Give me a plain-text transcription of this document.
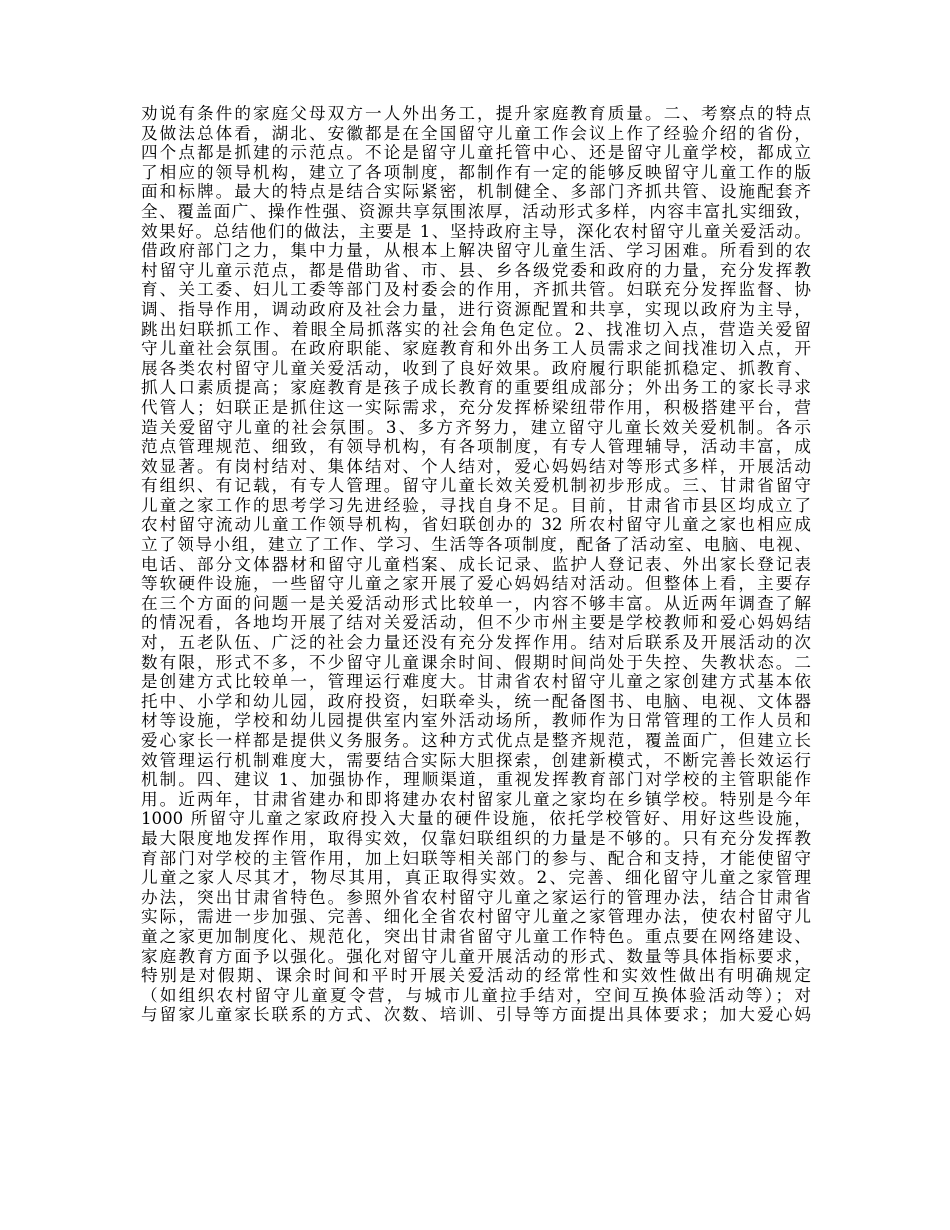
劝说有条件的家庭父母双方一人外出务工，提升家庭教育质量。二、考察点的特点
及做法总体看，湖北、安徽都是在全国留守儿童工作会议上作了经验介绍的省份，
四个点都是抓建的示范点。不论是留守儿童托管中心、还是留守儿童学校，都成立
了相应的领导机构，建立了各项制度，都制作有一定的能够反映留守儿童工作的版
面和标牌。最大的特点是结合实际紧密，机制健全、多部门齐抓共管、设施配套齐
全、覆盖面广、操作性强、资源共享氛围浓厚，活动形式多样，内容丰富扎实细致，
效果好。总结他们的做法，主要是 1、坚持政府主导，深化农村留守儿童关爱活动。
借政府部门之力，集中力量，从根本上解决留守儿童生活、学习困难。所看到的农
村留守儿童示范点，都是借助省、市、县、乡各级党委和政府的力量，充分发挥教
育、关工委、妇儿工委等部门及村委会的作用，齐抓共管。妇联充分发挥监督、协
调、指导作用，调动政府及社会力量，进行资源配置和共享，实现以政府为主导，
跳出妇联抓工作、着眼全局抓落实的社会角色定位。2、找准切入点，营造关爱留
守儿童社会氛围。在政府职能、家庭教育和外出务工人员需求之间找准切入点，开
展各类农村留守儿童关爱活动，收到了良好效果。政府履行职能抓稳定、抓教育、
抓人口素质提高；家庭教育是孩子成长教育的重要组成部分；外出务工的家长寻求
代管人；妇联正是抓住这一实际需求，充分发挥桥梁纽带作用，积极搭建平台，营
造关爱留守儿童的社会氛围。3、多方齐努力，建立留守儿童长效关爱机制。各示
范点管理规范、细致，有领导机构，有各项制度，有专人管理辅导，活动丰富，成
效显著。有岗村结对、集体结对、个人结对，爱心妈妈结对等形式多样，开展活动
有组织、有记载，有专人管理。留守儿童长效关爱机制初步形成。三、甘肃省留守
儿童之家工作的思考学习先进经验，寻找自身不足。目前，甘肃省市县区均成立了
农村留守流动儿童工作领导机构，省妇联创办的 32 所农村留守儿童之家也相应成
立了领导小组，建立了工作、学习、生活等各项制度，配备了活动室、电脑、电视、
电话、部分文体器材和留守儿童档案、成长记录、监护人登记表、外出家长登记表
等软硬件设施，一些留守儿童之家开展了爱心妈妈结对活动。但整体上看，主要存
在三个方面的问题一是关爱活动形式比较单一，内容不够丰富。从近两年调查了解
的情况看，各地均开展了结对关爱活动，但不少市州主要是学校教师和爱心妈妈结
对，五老队伍、广泛的社会力量还没有充分发挥作用。结对后联系及开展活动的次
数有限，形式不多，不少留守儿童课余时间、假期时间尚处于失控、失教状态。二
是创建方式比较单一，管理运行难度大。甘肃省农村留守儿童之家创建方式基本依
托中、小学和幼儿园，政府投资，妇联牵头，统一配备图书、电脑、电视、文体器
材等设施，学校和幼儿园提供室内室外活动场所，教师作为日常管理的工作人员和
爱心家长一样都是提供义务服务。这种方式优点是整齐规范，覆盖面广，但建立长
效管理运行机制难度大，需要结合实际大胆探索，创建新模式，不断完善长效运行
机制。四、建议 1、加强协作，理顺渠道，重视发挥教育部门对学校的主管职能作
用。近两年，甘肃省建办和即将建办农村留家儿童之家均在乡镇学校。特别是今年
1000 所留守儿童之家政府投入大量的硬件设施，依托学校管好、用好这些设施，
最大限度地发挥作用，取得实效，仅靠妇联组织的力量是不够的。只有充分发挥教
育部门对学校的主管作用，加上妇联等相关部门的参与、配合和支持，才能使留守
儿童之家人尽其才，物尽其用，真正取得实效。2、完善、细化留守儿童之家管理
办法，突出甘肃省特色。参照外省农村留守儿童之家运行的管理办法，结合甘肃省
实际，需进一步加强、完善、细化全省农村留守儿童之家管理办法，使农村留守儿
童之家更加制度化、规范化，突出甘肃省留守儿童工作特色。重点要在网络建设、
家庭教育方面予以强化。强化对留守儿童开展活动的形式、数量等具体指标要求，
特别是对假期、课余时间和平时开展关爱活动的经常性和实效性做出有明确规定
（如组织农村留守儿童夏令营，与城市儿童拉手结对，空间互换体验活动等）；对
与留家儿童家长联系的方式、次数、培训、引导等方面提出具体要求；加大爱心妈
